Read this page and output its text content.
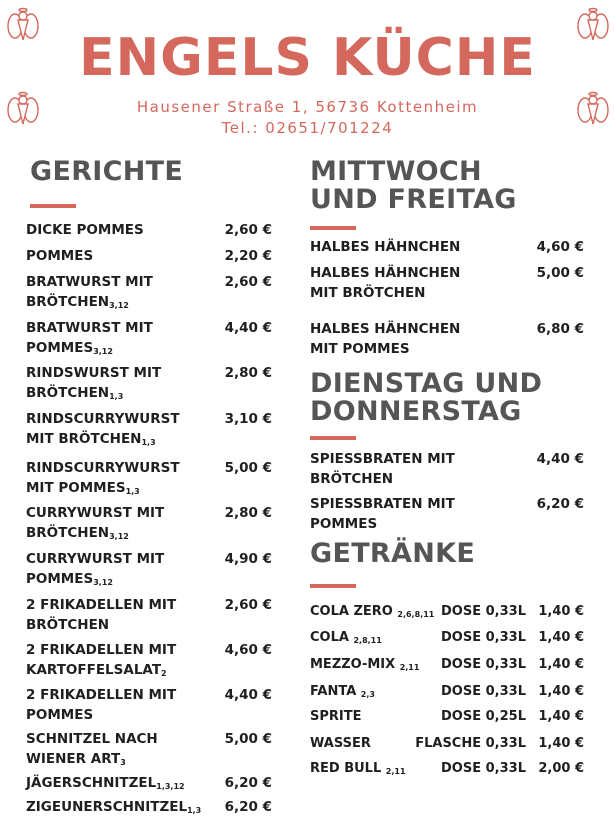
ENGELS KÜCHE
Hausener Straße 1, 56736 Kottenheim
Tel.: 02651/701224
GERICHTE
DICKE POMMES	2,60 €
POMMES	2,20 €
BRATWURST MIT
$BRÖTCHEN_{3,12}$
2,60 €
BRATWURST MIT
$POMMES_{3,12}$
4,40 €
RINDSWURST MIT
$BRÖTCHEN_{1,3}$
2,80 €
RINDSCURRYWURST
MIT $BRÖTCHEN_{1,3}$
3,10 €
RINDSCURRYWURST
MIT $POMMES_{1,3}$
5,00 €
CURRYWURST MIT
$BRÖTCHEN_{3,12}$
2,80 €
CURRYWURST MIT
$POMMES_{3,12}$
4,90 €
2 FRIKADELLEN MIT
BRÖTCHEN
2,60 €
2 FRIKADELLEN MIT
$KARTOFFELSALAT_2$
4,60 €
2 FRIKADELLEN MIT
POMMES
4,40 €
SCHNITZEL NACH
WIENER $ART_3$
5,00 €
$JÄGERSCHNITZEL_{1,3,12}$	6,20 €
$ZIGEUNERSCHNITZEL_{1,3}$	6,20 €
MITTWOCH
UND FREITAG
HALBES HÄHNCHEN	4,60 €
HALBES HÄHNCHEN
MIT BRÖTCHEN
5,00 €
HALBES HÄHNCHEN
MIT POMMES
6,80 €
DIENSTAG UND
DONNERSTAG
SPIESSBRATEN MIT
BRÖTCHEN
4,40 €
SPIESSBRATEN MIT
POMMES
6,20 €
GETRÄNKE
COLA ZERO $_{2,6,8,11}$ DOSE 0,33L 1,40 €
COLA $_{2,8,11}$	DOSE 0,33L 1,40 €
MEZZO-MIX $_{2,11}$	DOSE 0,33L 1,40 €
FANTA $_{2,3}$	DOSE 0,33L 1,40 €
SPRITE	DOSE 0,25L 1,40 €
WASSER	FLASCHE 0,33L 1,40 €
RED BULL $_{2,11}$	DOSE 0,33L 2,00 €
